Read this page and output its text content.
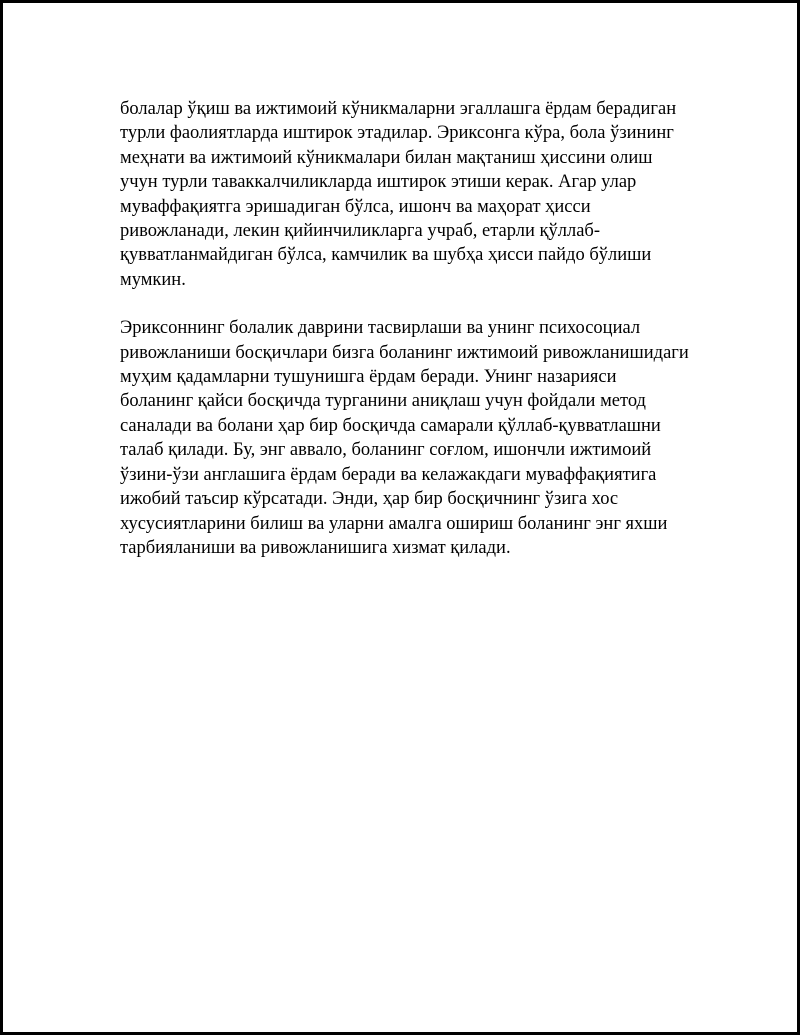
болалар ўқиш ва ижтимоий кўникмаларни эгаллашга ёрдам берадиган
турли фаолиятларда иштирок этадилар. Эриксонга кўра, бола ўзининг
меҳнати ва ижтимоий кўникмалари билан мақтаниш ҳиссини олиш
учун турли таваккалчиликларда иштирок этиши керак. Агар улар
муваффақиятга эришадиган бўлса, ишонч ва маҳорат ҳисси
ривожланади, лекин қийинчиликларга учраб, етарли қўллаб-
қувватланмайдиган бўлса, камчилик ва шубҳа ҳисси пайдо бўлиши
мумкин.

Эриксоннинг болалик даврини тасвирлаши ва унинг психосоциал
ривожланиши босқичлари бизга боланинг ижтимоий ривожланишидаги
муҳим қадамларни тушунишга ёрдам беради. Унинг назарияси
боланинг қайси босқичда турганини аниқлаш учун фойдали метод
саналади ва болани ҳар бир босқичда самарали қўллаб-қувватлашни
талаб қилади. Бу, энг аввало, боланинг соғлом, ишончли ижтимоий
ўзини-ўзи англашига ёрдам беради ва келажакдаги муваффақиятига
ижобий таъсир кўрсатади. Энди, ҳар бир босқичнинг ўзига хос
хусусиятларини билиш ва уларни амалга ошириш боланинг энг яхши
тарбияланиши ва ривожланишига хизмат қилади.
